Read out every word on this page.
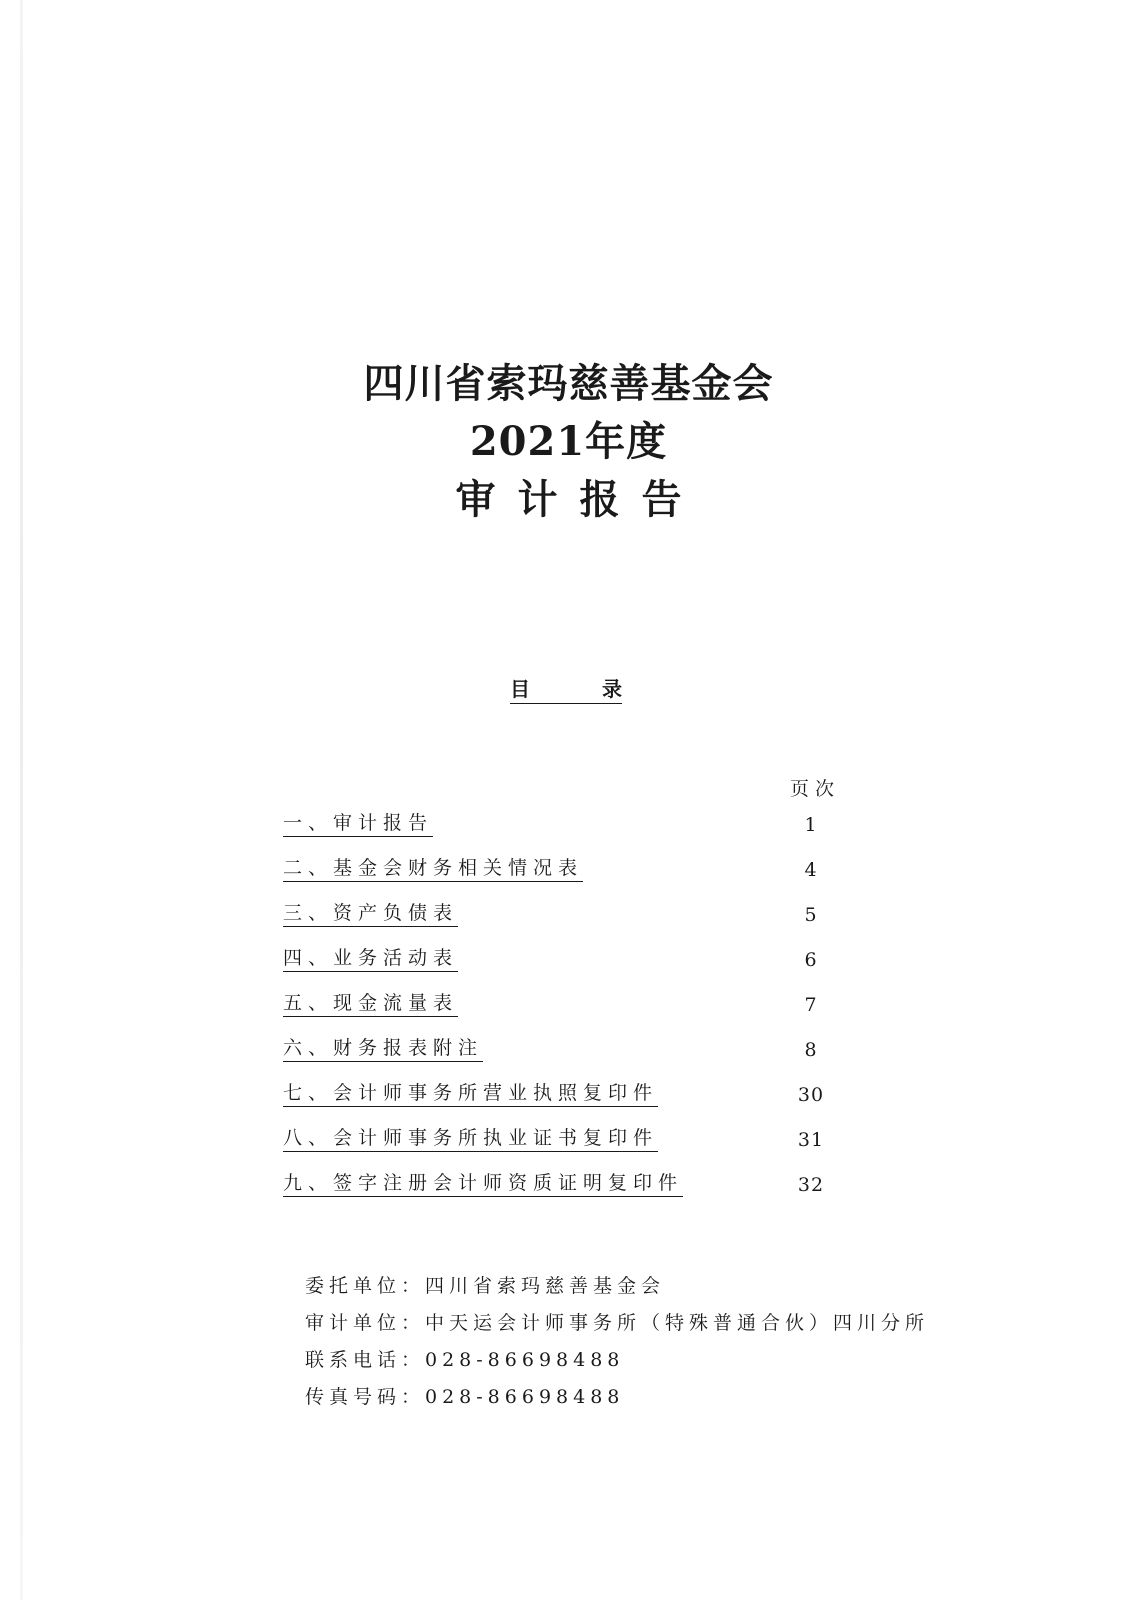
四川省索玛慈善基金会
2021年度
审计报告
目	录
页次
一、审计报告	1
二、基金会财务相关情况表	4
三、资产负债表	5
四、业务活动表	6
五、现金流量表	7
六、财务报表附注	8
七、会计师事务所营业执照复印件	30
八、会计师事务所执业证书复印件	31
九、签字注册会计师资质证明复印件	32
委托单位：四川省索玛慈善基金会
审计单位：中天运会计师事务所（特殊普通合伙）四川分所
联系电话：028-86698488
传真号码：028-86698488
